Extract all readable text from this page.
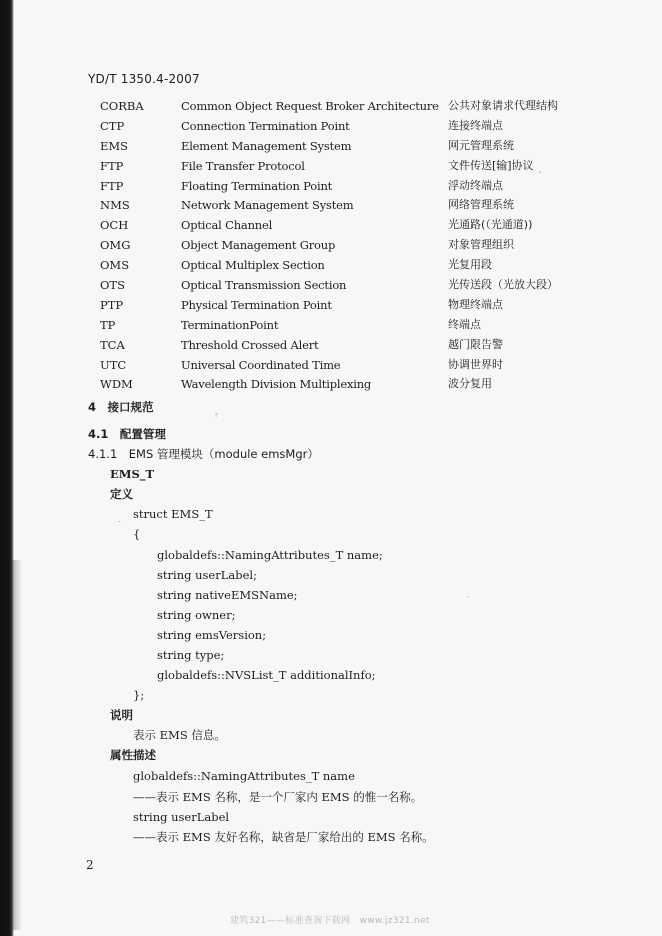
YD/T 1350.4-2007
CORBA	Common Object Request Broker Architecture 公共对象请求代理结构
CTP	Connection Termination Point	连接终端点
EMS	Element Management System	网元管理系统
FTP	File Transfer Protocol	文件传送[输]协议
FTP	Floating Termination Point	浮动终端点
NMS	Network Management System	网络管理系统
OCH	Optical Channel	光通路(（光通道))
OMG	Object Management Group	对象管理组织
OMS	Optical Multiplex Section	光复用段
OTS	Optical Transmission Section	光传送段（光放大段）
PTP	Physical Termination Point	物理终端点
TP	TerminationPoint	终端点
TCA	Threshold Crossed Alert	越门限告警
UTC	Universal Coordinated Time	协调世界时
WDM	Wavelength Division Multiplexing	波分复用
4　接口规范
4.1　配置管理
4.1.1　EMS 管理模块（module emsMgr）
EMS_T
定义
struct EMS_T
{
globaldefs::NamingAttributes_T name;
string userLabel;
string nativeEMSName;
string owner;
string emsVersion;
string type;
globaldefs::NVSList_T additionalInfo;
};
说明
表示 EMS 信息。
属性描述
globaldefs::NamingAttributes_T name
——表示 EMS 名称，是一个厂家内 EMS 的惟一名称。
string userLabel
——表示 EMS 友好名称，缺省是厂家给出的 EMS 名称。
2
ˋ
ʳ
ˏ
ˎ
建筑321——标准查询下载网　www.jz321.net
